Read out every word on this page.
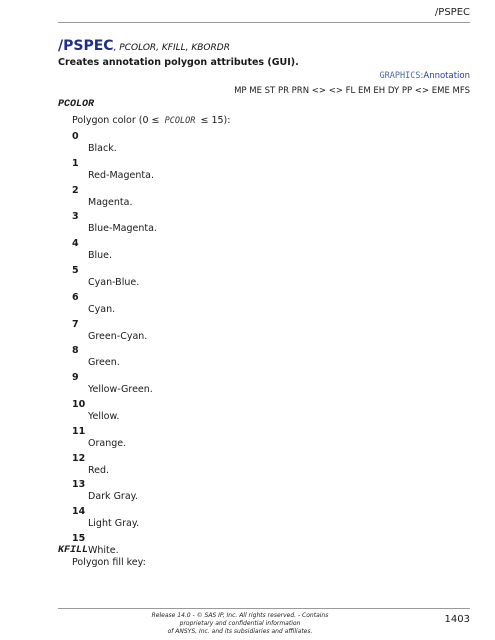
/PSPEC
/PSPEC, PCOLOR, KFILL, KBORDR
Creates annotation polygon attributes (GUI).
GRAPHICS:Annotation
MP ME ST PR PRN <> <> FL EM EH DY PP <> EME MFS
PCOLOR
Polygon color (0 ≤ PCOLOR ≤ 15):
0
Black.
1
Red-Magenta.
2
Magenta.
3
Blue-Magenta.
4
Blue.
5
Cyan-Blue.
6
Cyan.
7
Green-Cyan.
8
Green.
9
Yellow-Green.
10
Yellow.
11
Orange.
12
Red.
13
Dark Gray.
14
Light Gray.
15
White.
KFILL
Polygon fill key:
Release 14.0 - © SAS IP, Inc. All rights reserved. - Contains proprietary and confidential information
of ANSYS, Inc. and its subsidiaries and affiliates.
1403
